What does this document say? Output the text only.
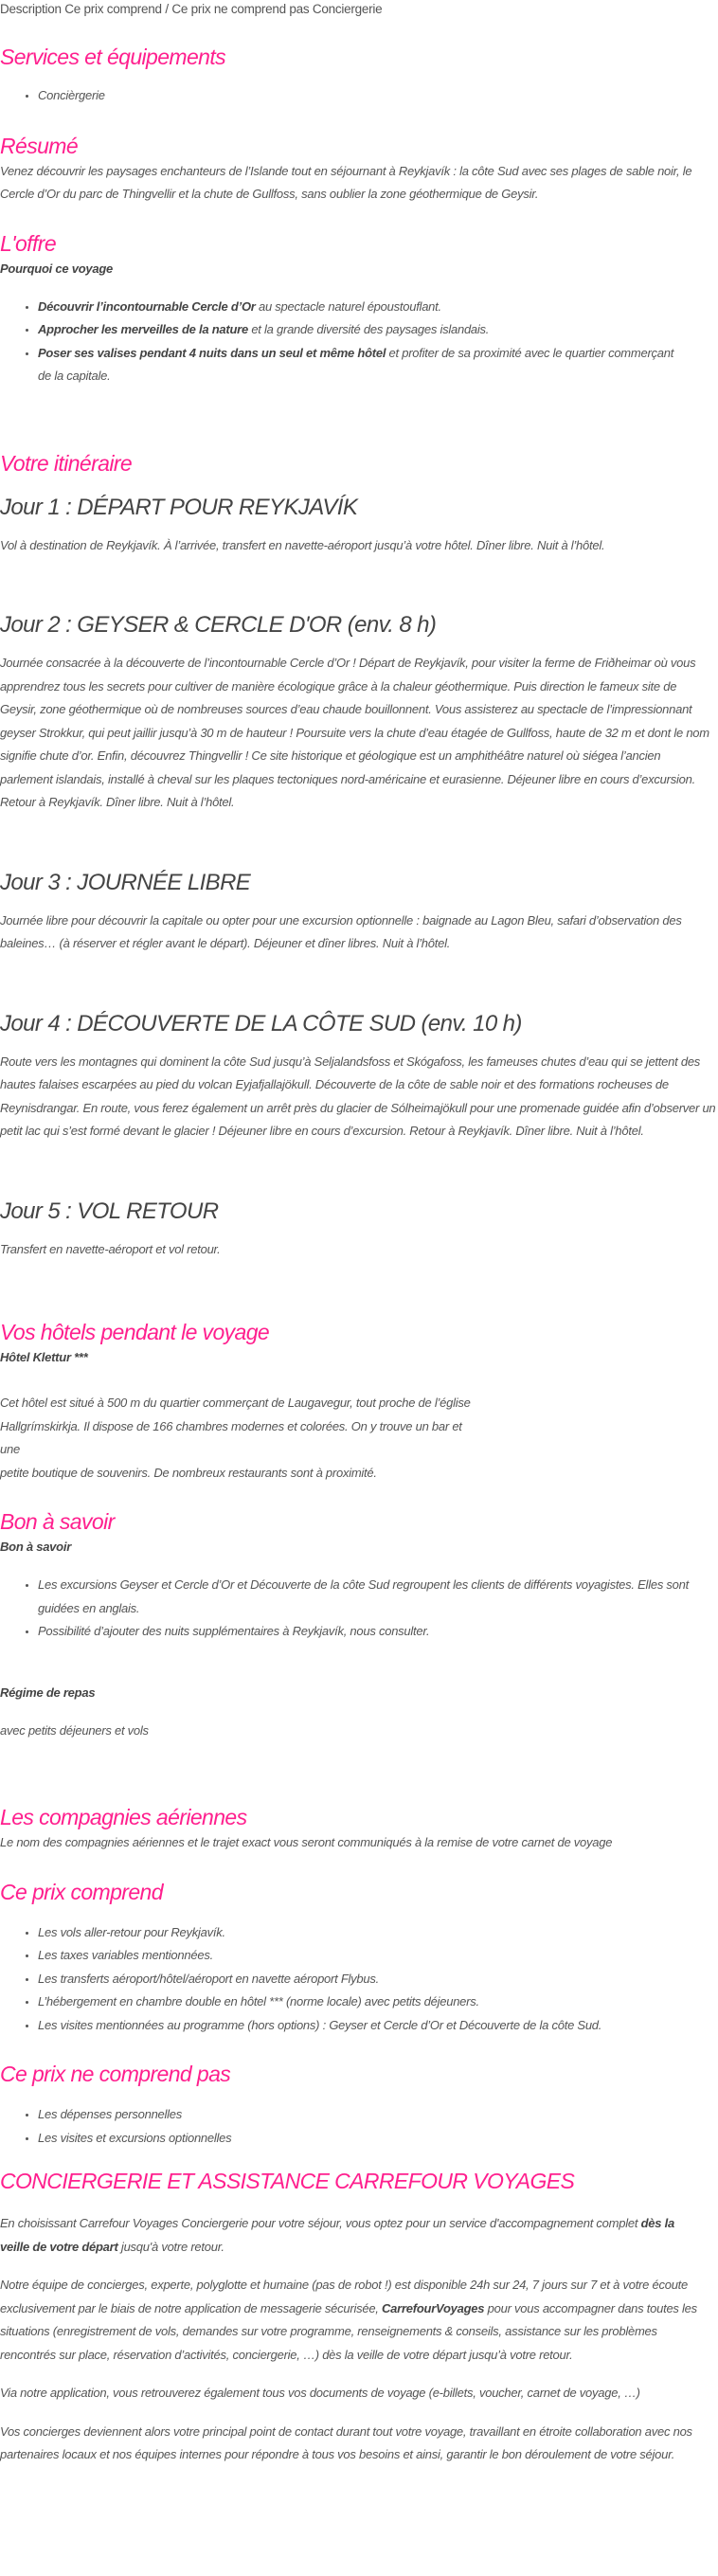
Description Ce prix comprend / Ce prix ne comprend pas Conciergerie

Services et équipements
• Concièrgerie
Résumé

Venez découvrir les paysages enchanteurs de l’Islande tout en séjournant à Reykjavík : la côte Sud avec ses plages de sable noir, le Cercle d’Or du parc de Thingvellir et la chute de Gullfoss, sans oublier la zone géothermique de Geysir.

L'offre

Pourquoi ce voyage

• Découvrir l’incontournable Cercle d’Or au spectacle naturel époustouflant.
• Approcher les merveilles de la nature et la grande diversité des paysages islandais.
• Poser ses valises pendant 4 nuits dans un seul et même hôtel et profiter de sa proximité avec le quartier commerçant de la capitale.
Votre itinéraire
Jour 1 : DÉPART POUR REYKJAVÍK

Vol à destination de Reykjavík. À l’arrivée, transfert en navette-aéroport jusqu’à votre hôtel. Dîner libre. Nuit à l’hôtel.

Jour 2 : GEYSER & CERCLE D'OR (env. 8 h)

Journée consacrée à la découverte de l’incontournable Cercle d’Or ! Départ de Reykjavík, pour visiter la ferme de Friðheimar où vous apprendrez tous les secrets pour cultiver de manière écologique grâce à la chaleur géothermique. Puis direction le fameux site de Geysir, zone géothermique où de nombreuses sources d’eau chaude bouillonnent. Vous assisterez au spectacle de l’impressionnant geyser Strokkur, qui peut jaillir jusqu’à 30 m de hauteur ! Poursuite vers la chute d’eau étagée de Gullfoss, haute de 32 m et dont le nom signifie chute d’or. Enfin, découvrez Thingvellir ! Ce site historique et géologique est un amphithéâtre naturel où siégea l’ancien parlement islandais, installé à cheval sur les plaques tectoniques nord-américaine et eurasienne. Déjeuner libre en cours d’excursion. Retour à Reykjavík. Dîner libre. Nuit à l’hôtel.

Jour 3 : JOURNÉE LIBRE

Journée libre pour découvrir la capitale ou opter pour une excursion optionnelle : baignade au Lagon Bleu, safari d’observation des baleines… (à réserver et régler avant le départ). Déjeuner et dîner libres. Nuit à l’hôtel.

Jour 4 : DÉCOUVERTE DE LA CÔTE SUD (env. 10 h)

Route vers les montagnes qui dominent la côte Sud jusqu’à Seljalandsfoss et Skógafoss, les fameuses chutes d’eau qui se jettent des hautes falaises escarpées au pied du volcan Eyjafjallajökull. Découverte de la côte de sable noir et des formations rocheuses de Reynisdrangar. En route, vous ferez également un arrêt près du glacier de Sólheimajökull pour une promenade guidée afin d’observer un petit lac qui s’est formé devant le glacier ! Déjeuner libre en cours d’excursion. Retour à Reykjavík. Dîner libre. Nuit à l’hôtel.

Jour 5 : VOL RETOUR

Transfert en navette-aéroport et vol retour.

Vos hôtels pendant le voyage

Hôtel Klettur ***

Cet hôtel est situé à 500 m du quartier commerçant de Laugavegur, tout proche de l’église Hallgrímskirkja. Il dispose de 166 chambres modernes et colorées. On y trouve un bar et une

petite boutique de souvenirs. De nombreux restaurants sont à proximité.

Bon à savoir

Bon à savoir

• Les excursions Geyser et Cercle d’Or et Découverte de la côte Sud regroupent les clients de différents voyagistes. Elles sont guidées en anglais.
• Possibilité d’ajouter des nuits supplémentaires à Reykjavík, nous consulter.

Régime de repas

avec petits déjeuners et vols

Les compagnies aériennes

Le nom des compagnies aériennes et le trajet exact vous seront communiqués à la remise de votre carnet de voyage

Ce prix comprend
• Les vols aller-retour pour Reykjavík.
• Les taxes variables mentionnées.
• Les transferts aéroport/hôtel/aéroport en navette aéroport Flybus.
• L’hébergement en chambre double en hôtel *** (norme locale) avec petits déjeuners.
• Les visites mentionnées au programme (hors options) : Geyser et Cercle d’Or et Découverte de la côte Sud.
Ce prix ne comprend pas
• Les dépenses personnelles
• Les visites et excursions optionnelles
CONCIERGERIE ET ASSISTANCE CARREFOUR VOYAGES

En choisissant Carrefour Voyages Conciergerie pour votre séjour, vous optez pour un service d'accompagnement complet dès la veille de votre départ jusqu'à votre retour.

Notre équipe de concierges, experte, polyglotte et humaine (pas de robot !) est disponible 24h sur 24, 7 jours sur 7 et à votre écoute exclusivement par le biais de notre application de messagerie sécurisée, CarrefourVoyages pour vous accompagner dans toutes les situations (enregistrement de vols, demandes sur votre programme, renseignements & conseils, assistance sur les problèmes rencontrés sur place, réservation d’activités, conciergerie, …) dès la veille de votre départ jusqu’à votre retour.

Via notre application, vous retrouverez également tous vos documents de voyage (e-billets, voucher, carnet de voyage, …)

Vos concierges deviennent alors votre principal point de contact durant tout votre voyage, travaillant en étroite collaboration avec nos partenaires locaux et nos équipes internes pour répondre à tous vos besoins et ainsi, garantir le bon déroulement de votre séjour.
